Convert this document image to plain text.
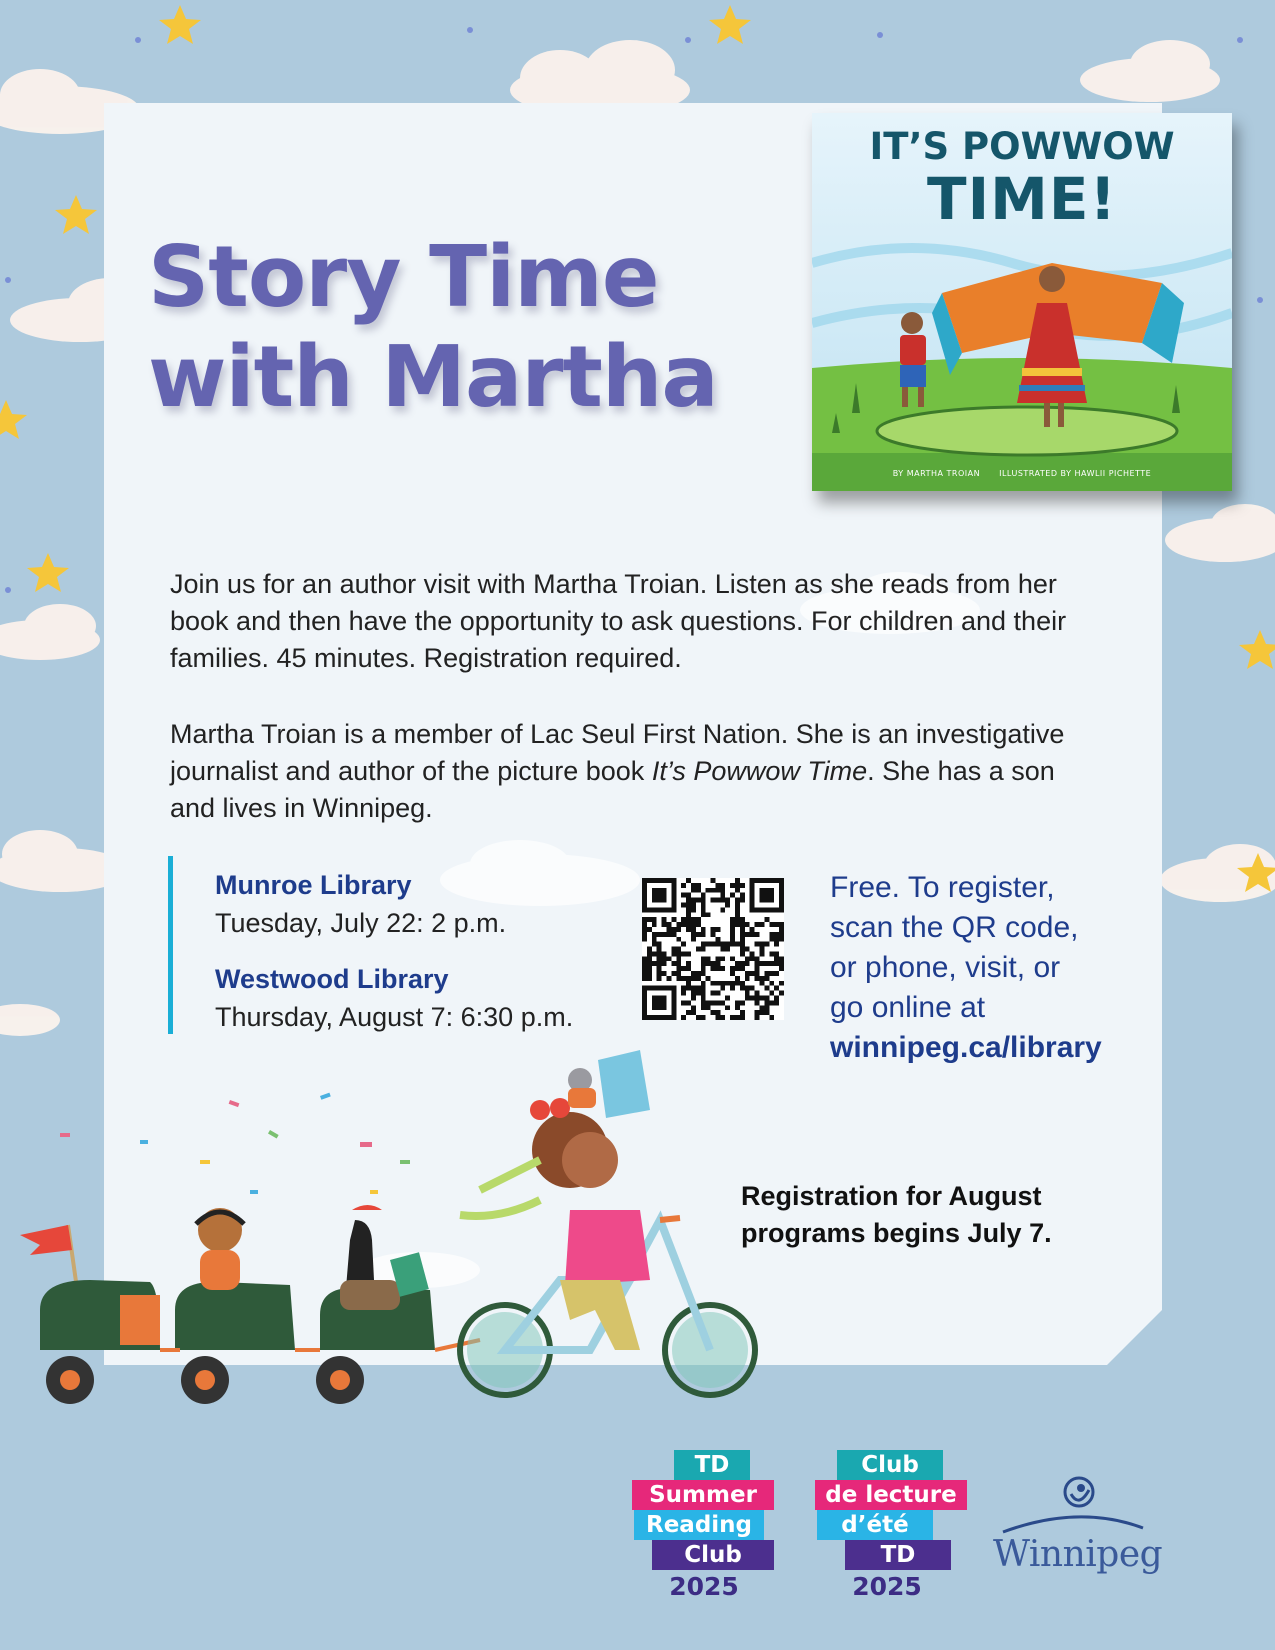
Story Time
with Martha
IT’S POWWOW
TIME!
BY MARTHA TROIAN ILLUSTRATED BY HAWLII PICHETTE

Join us for an author visit with Martha Troian. Listen as she reads from her book and then have the opportunity to ask questions. For children and their families. 45 minutes. Registration required.

Martha Troian is a member of Lac Seul First Nation. She is an investigative journalist and author of the picture book It’s Powwow Time. She has a son and lives in Winnipeg.

Munroe Library
Tuesday, July 22: 2 p.m.
Westwood Library
Thursday, August 7: 6:30 p.m.
Free. To register,
scan the QR code,
or phone, visit, or
go online at
winnipeg.ca/library
Registration for August
programs begins July 7.
TD
Summer
Reading
Club
2025
Club
de lecture
d’été
TD
2025
Winnipeg
